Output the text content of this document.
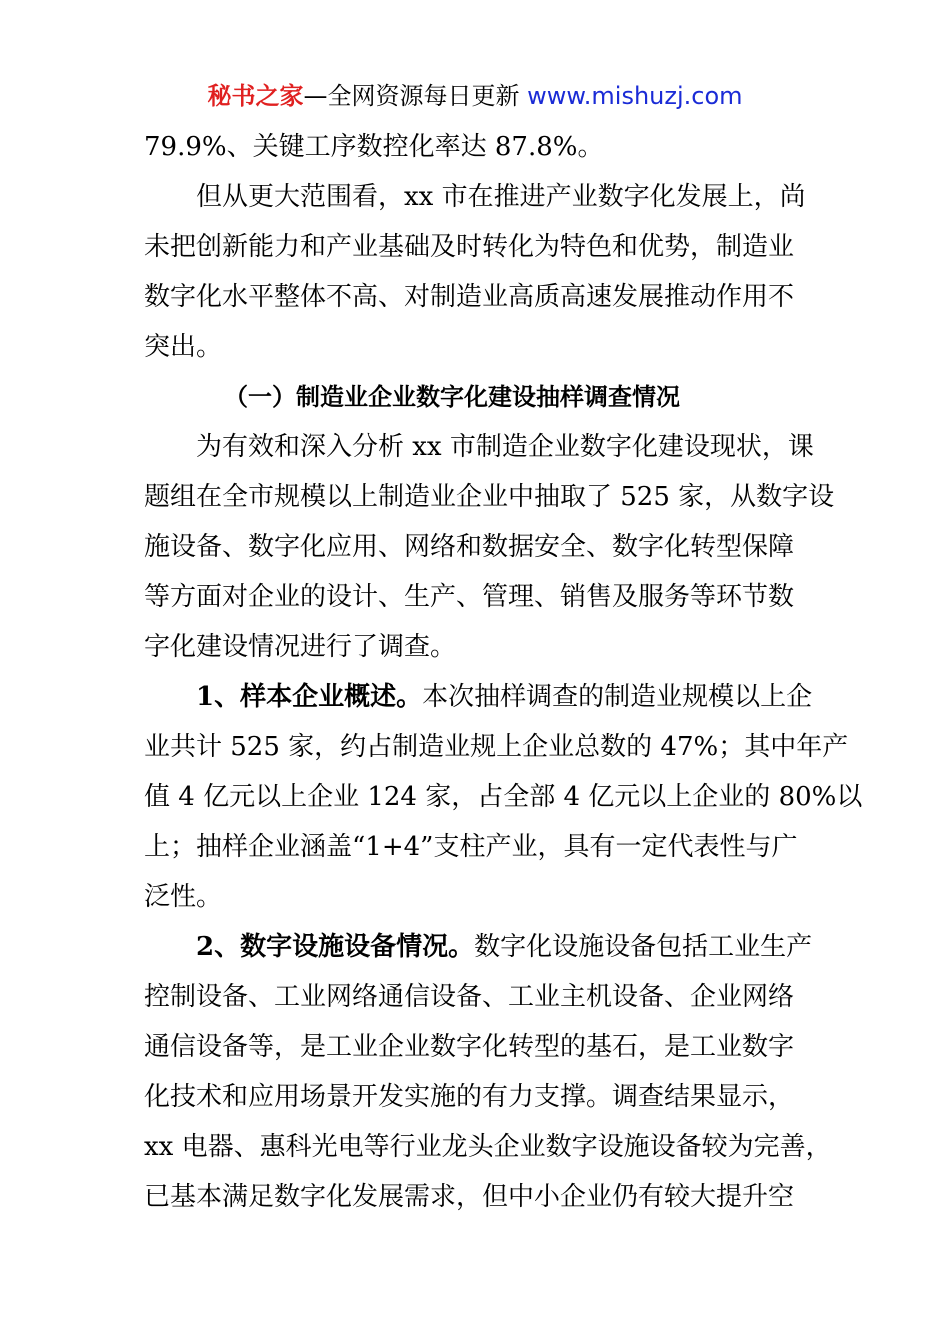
秘书之家—全网资源每日更新 www.mishuzj.com
79.9%、关键工序数控化率达 87.8%。
但从更大范围看，xx 市在推进产业数字化发展上，尚
未把创新能力和产业基础及时转化为特色和优势，制造业
数字化水平整体不高、对制造业高质高速发展推动作用不
突出。
（一）制造业企业数字化建设抽样调查情况
为有效和深入分析 xx 市制造企业数字化建设现状，课
题组在全市规模以上制造业企业中抽取了 525 家，从数字设
施设备、数字化应用、网络和数据安全、数字化转型保障
等方面对企业的设计、生产、管理、销售及服务等环节数
字化建设情况进行了调查。
1、样本企业概述。本次抽样调查的制造业规模以上企
业共计 525 家，约占制造业规上企业总数的 47%；其中年产
值 4 亿元以上企业 124 家，占全部 4 亿元以上企业的 80%以
上；抽样企业涵盖“1+4”支柱产业，具有一定代表性与广
泛性。
2、数字设施设备情况。数字化设施设备包括工业生产
控制设备、工业网络通信设备、工业主机设备、企业网络
通信设备等，是工业企业数字化转型的基石，是工业数字
化技术和应用场景开发实施的有力支撑。调查结果显示，
xx 电器、惠科光电等行业龙头企业数字设施设备较为完善，
已基本满足数字化发展需求，但中小企业仍有较大提升空
